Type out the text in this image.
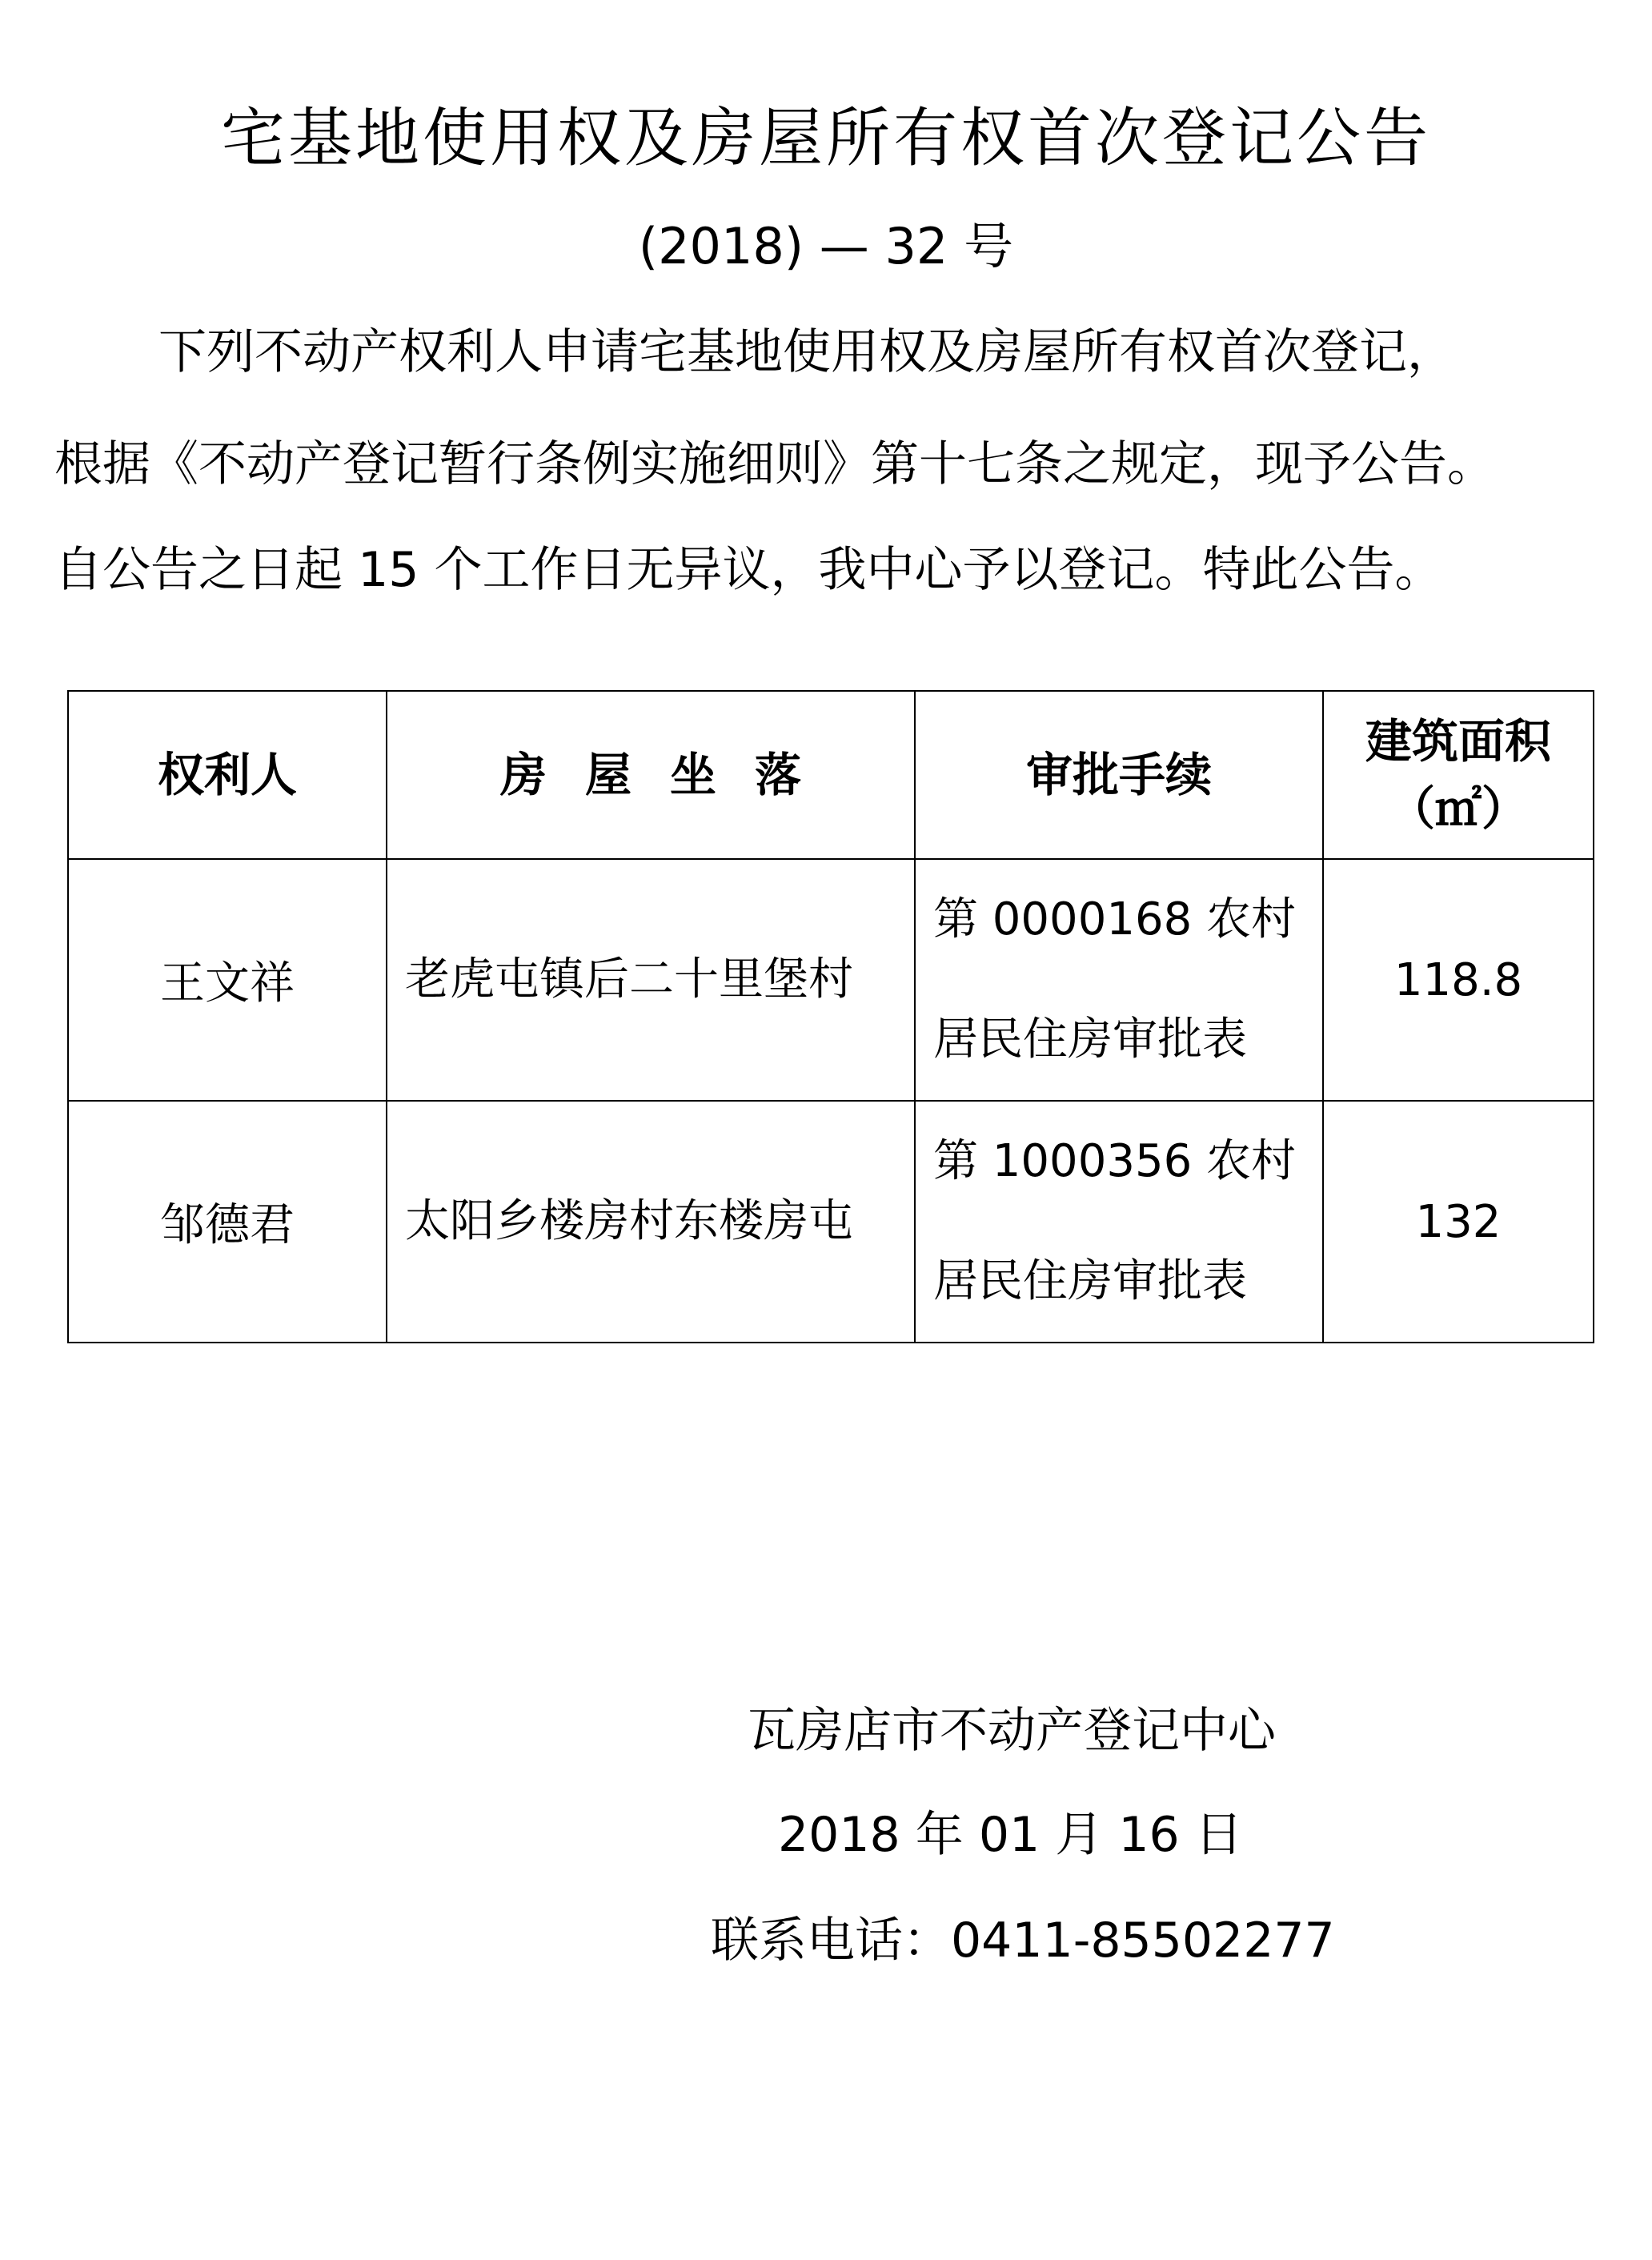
宅基地使用权及房屋所有权首次登记公告
(2018) — 32 号
下列不动产权利人申请宅基地使用权及房屋所有权首次登记，
根据《不动产登记暂行条例实施细则》第十七条之规定，现予公告。
自公告之日起 15 个工作日无异议，我中心予以登记。特此公告。
权利人	房屋坐落	审批手续	建筑面积
（㎡）

王文祥	老虎屯镇后二十里堡村	第 0000168 农村居民住房审批表	118.8
邹德君	太阳乡楼房村东楼房屯	第 1000356 农村居民住房审批表	132
瓦房店市不动产登记中心
2018 年 01 月 16 日
联系电话：0411-85502277
